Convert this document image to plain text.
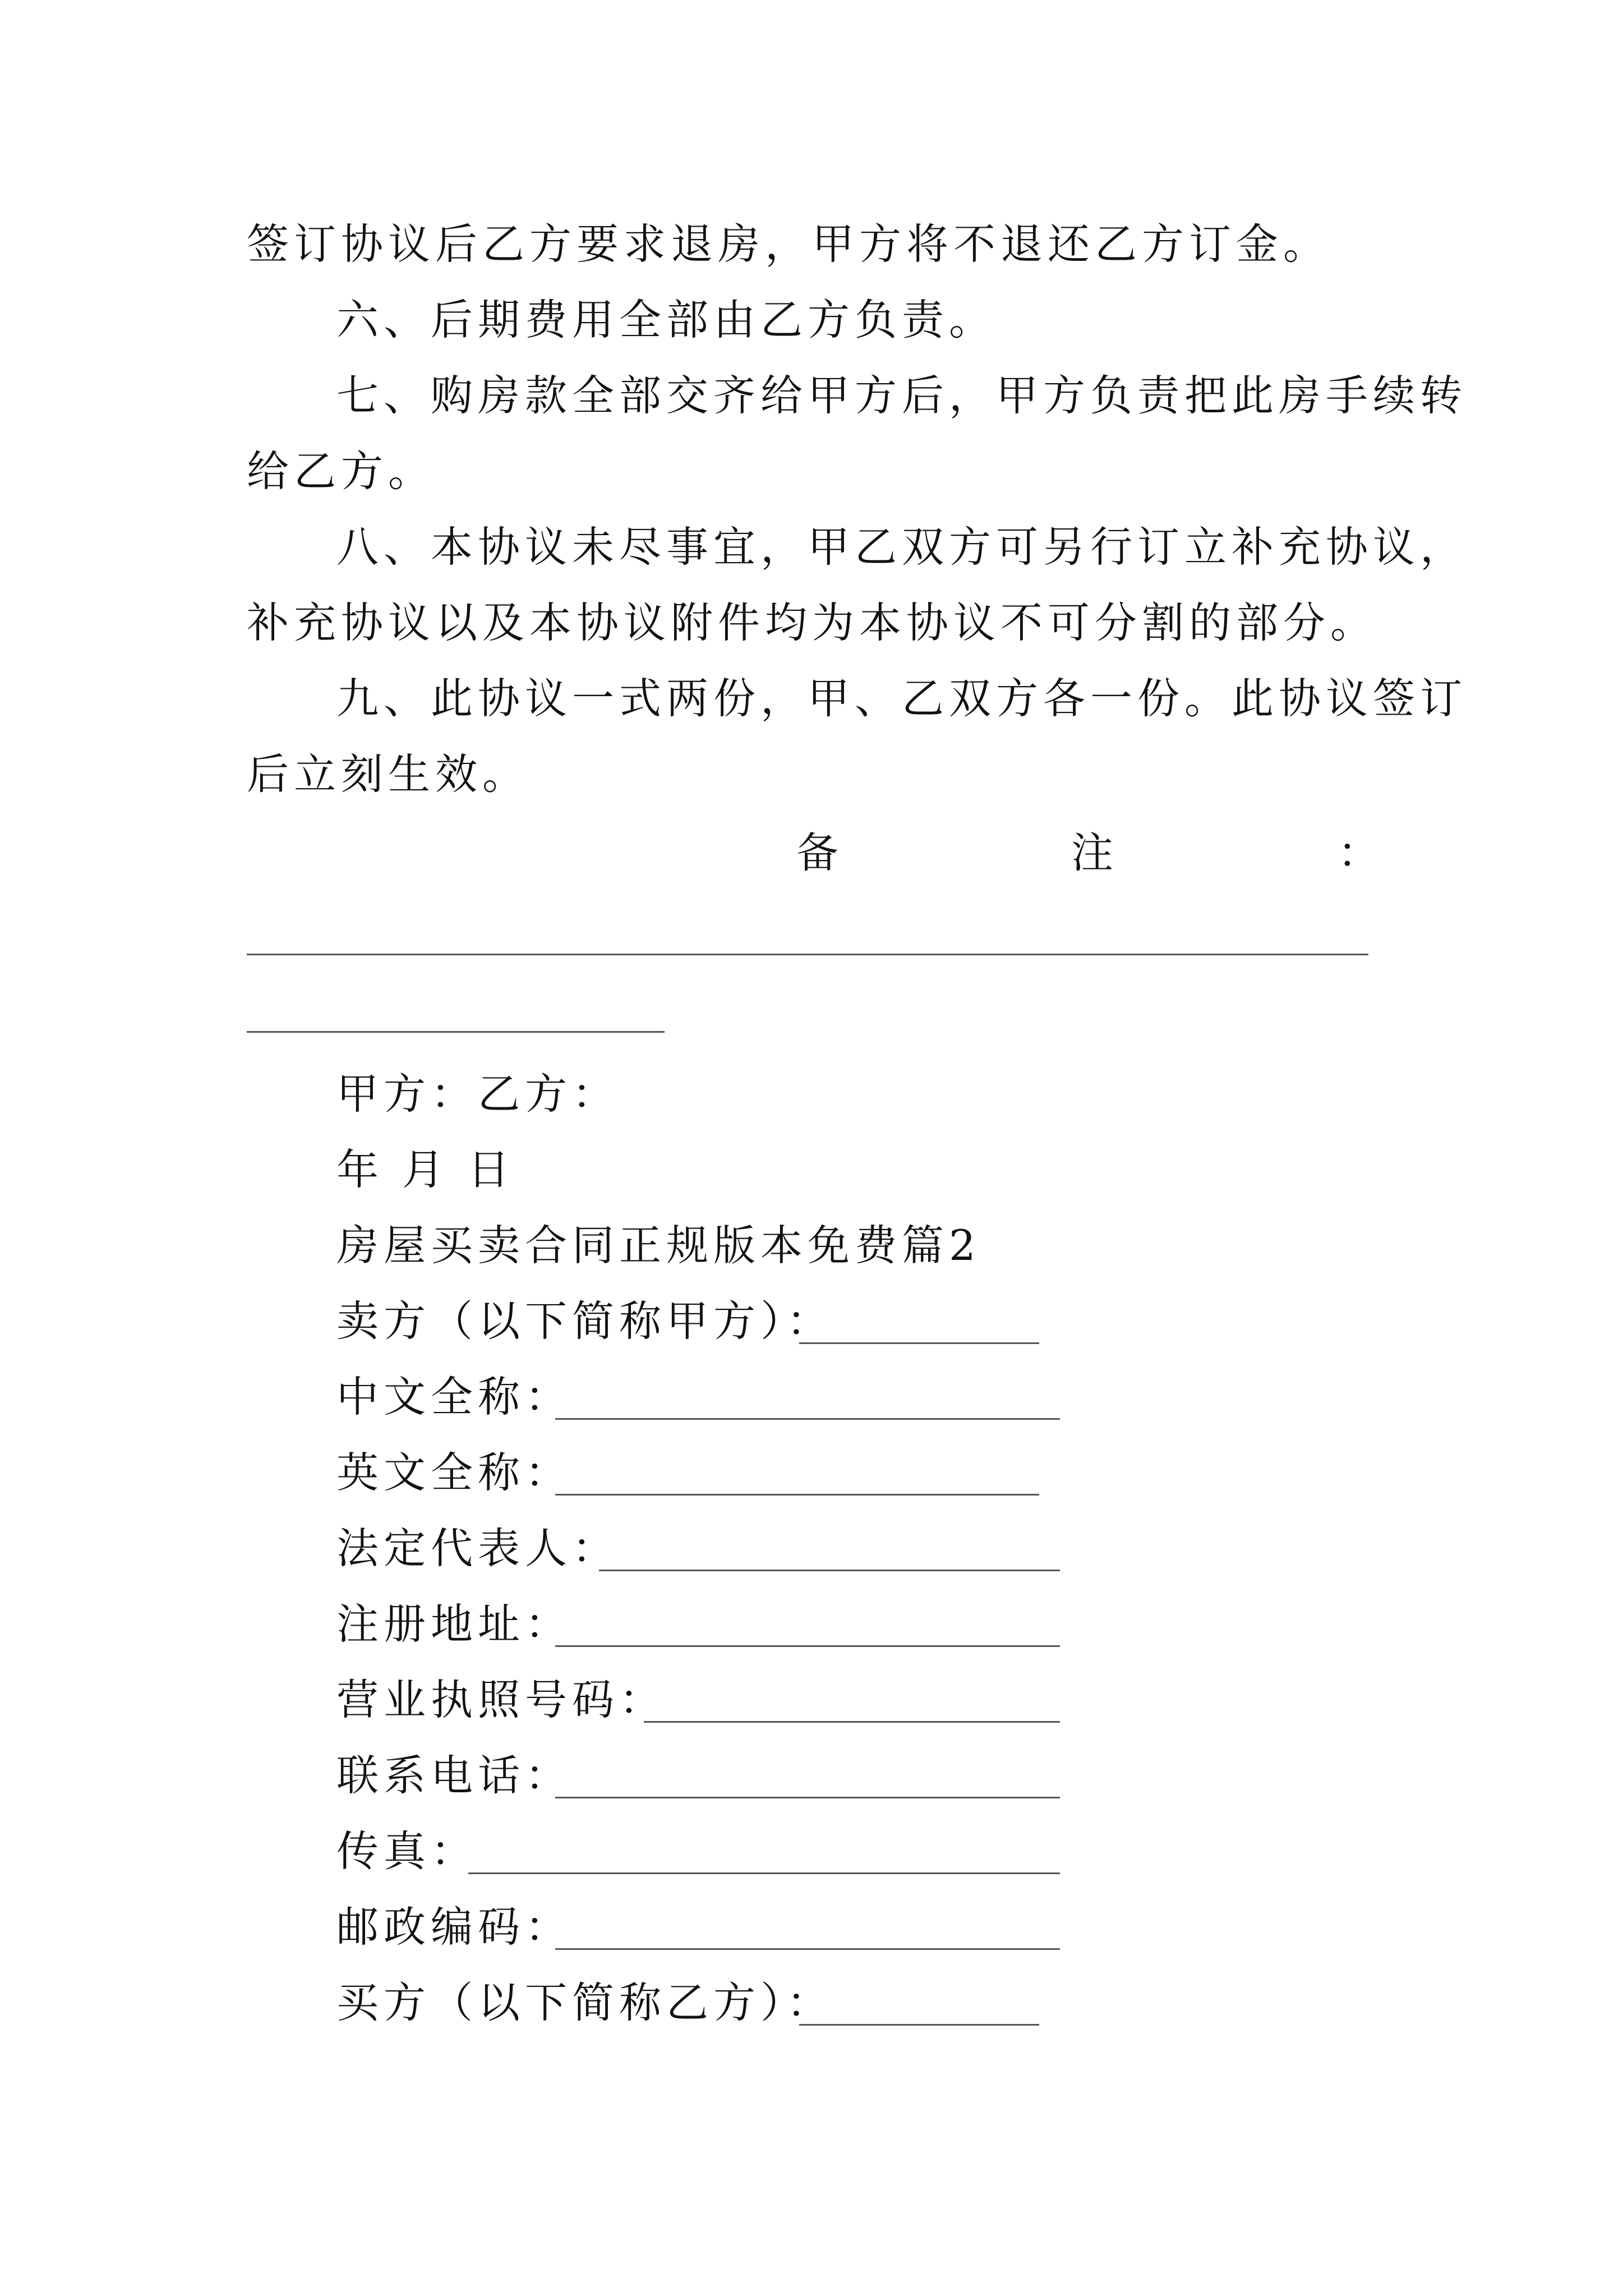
签订协议后乙方要求退房，甲方将不退还乙方订金。
六、后期费用全部由乙方负责。
七、购房款全部交齐给甲方后，甲方负责把此房手续转
给乙方。
八、本协议未尽事宜，甲乙双方可另行订立补充协议，
补充协议以及本协议附件均为本协议不可分割的部分。
九、此协议一式两份，甲、乙双方各一份。此协议签订
后立刻生效。
备	注	：
甲方：乙方：
年 月 日
房屋买卖合同正规版本免费篇2
卖方（以下简称甲方）：
中文全称：
英文全称：
法定代表人：
注册地址：
营业执照号码：
联系电话：
传真：
邮政编码：
买方（以下简称乙方）：
